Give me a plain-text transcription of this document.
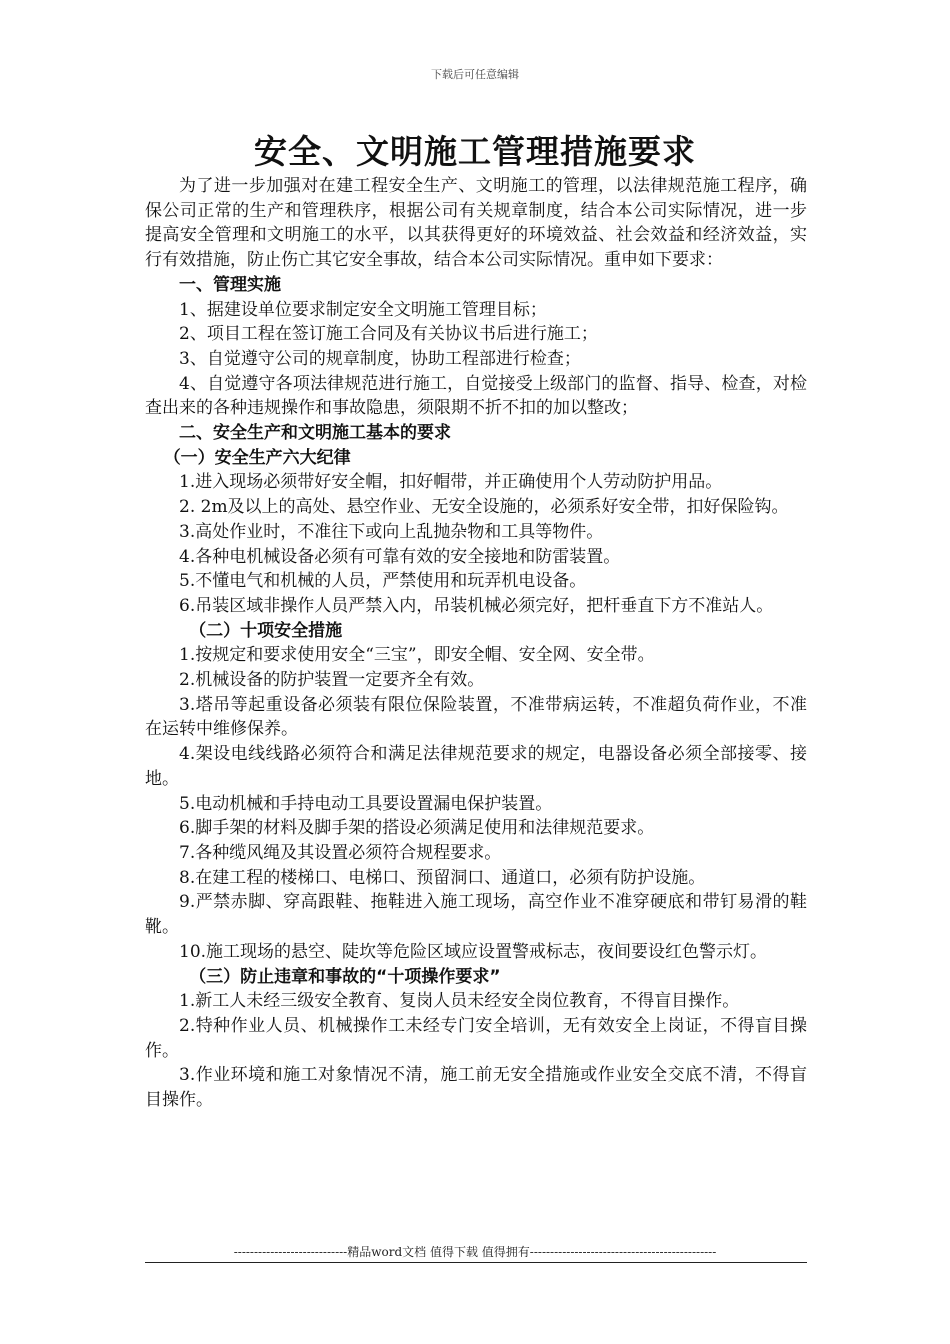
下载后可任意编辑
安全、文明施工管理措施要求

为了进一步加强对在建工程安全生产、文明施工的管理，以法律规范施工程序，确保公司正常的生产和管理秩序，根据公司有关规章制度，结合本公司实际情况，进一步提高安全管理和文明施工的水平，以其获得更好的环境效益、社会效益和经济效益，实行有效措施，防止伤亡其它安全事故，结合本公司实际情况。重申如下要求：

一、管理实施

1、据建设单位要求制定安全文明施工管理目标；

2、项目工程在签订施工合同及有关协议书后进行施工；

3、自觉遵守公司的规章制度，协助工程部进行检查；

4、自觉遵守各项法律规范进行施工，自觉接受上级部门的监督、指导、检查，对检查出来的各种违规操作和事故隐患，须限期不折不扣的加以整改；

二、安全生产和文明施工基本的要求

（一）安全生产六大纪律

1.进入现场必须带好安全帽，扣好帽带，并正确使用个人劳动防护用品。

2. 2m及以上的高处、悬空作业、无安全设施的，必须系好安全带，扣好保险钩。

3.高处作业时，不准往下或向上乱抛杂物和工具等物件。

4.各种电机械设备必须有可靠有效的安全接地和防雷装置。

5.不懂电气和机械的人员，严禁使用和玩弄机电设备。

6.吊装区域非操作人员严禁入内，吊装机械必须完好，把杆垂直下方不准站人。

（二）十项安全措施

1.按规定和要求使用安全“三宝”，即安全帽、安全网、安全带。

2.机械设备的防护装置一定要齐全有效。

3.塔吊等起重设备必须装有限位保险装置，不准带病运转，不准超负荷作业，不准在运转中维修保养。

4.架设电线线路必须符合和满足法律规范要求的规定，电器设备必须全部接零、接地。

5.电动机械和手持电动工具要设置漏电保护装置。

6.脚手架的材料及脚手架的搭设必须满足使用和法律规范要求。

7.各种缆风绳及其设置必须符合规程要求。

8.在建工程的楼梯口、电梯口、预留洞口、通道口，必须有防护设施。

9.严禁赤脚、穿高跟鞋、拖鞋进入施工现场，高空作业不准穿硬底和带钉易滑的鞋靴。

10.施工现场的悬空、陡坎等危险区域应设置警戒标志，夜间要设红色警示灯。

（三）防止违章和事故的“十项操作要求”

1.新工人未经三级安全教育、复岗人员未经安全岗位教育，不得盲目操作。

2.特种作业人员、机械操作工未经专门安全培训，无有效安全上岗证，不得盲目操作。

3.作业环境和施工对象情况不清，施工前无安全措施或作业安全交底不清，不得盲目操作。

----------------------------精品word文档 值得下载 值得拥有----------------------------------------------
